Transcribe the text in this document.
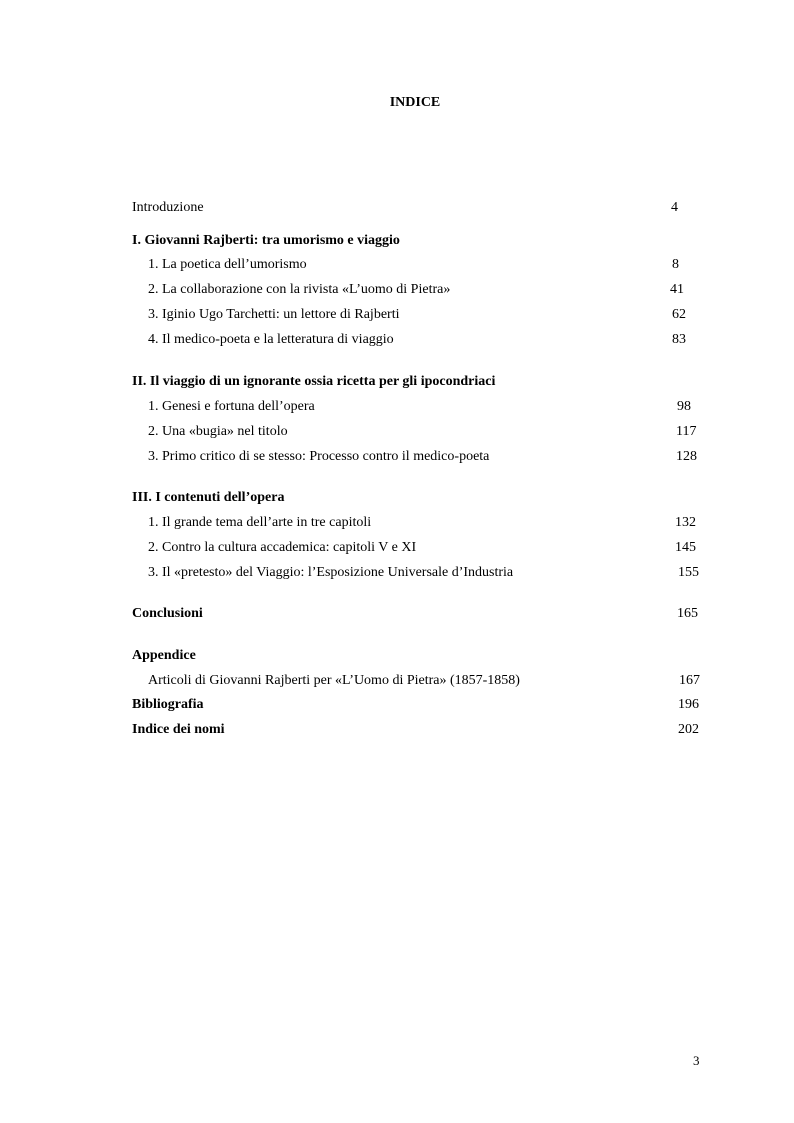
INDICE
Introduzione	4
I. Giovanni Rajberti: tra umorismo e viaggio
1. La poetica dell’umorismo	8
2. La collaborazione con la rivista «L’uomo di Pietra»	41
3. Iginio Ugo Tarchetti: un lettore di Rajberti	62
4. Il medico-poeta e la letteratura di viaggio	83
II. Il viaggio di un ignorante ossia ricetta per gli ipocondriaci
1. Genesi e fortuna dell’opera	98
2. Una «bugia» nel titolo	117
3. Primo critico di se stesso: Processo contro il medico-poeta	128
III. I contenuti dell’opera
1. Il grande tema dell’arte in tre capitoli	132
2. Contro la cultura accademica: capitoli V e XI	145
3. Il «pretesto» del Viaggio: l’Esposizione Universale d’Industria	155
Conclusioni	165
Appendice
Articoli di Giovanni Rajberti per «L’Uomo di Pietra» (1857-1858)	167
Bibliografia	196
Indice dei nomi	202
3
